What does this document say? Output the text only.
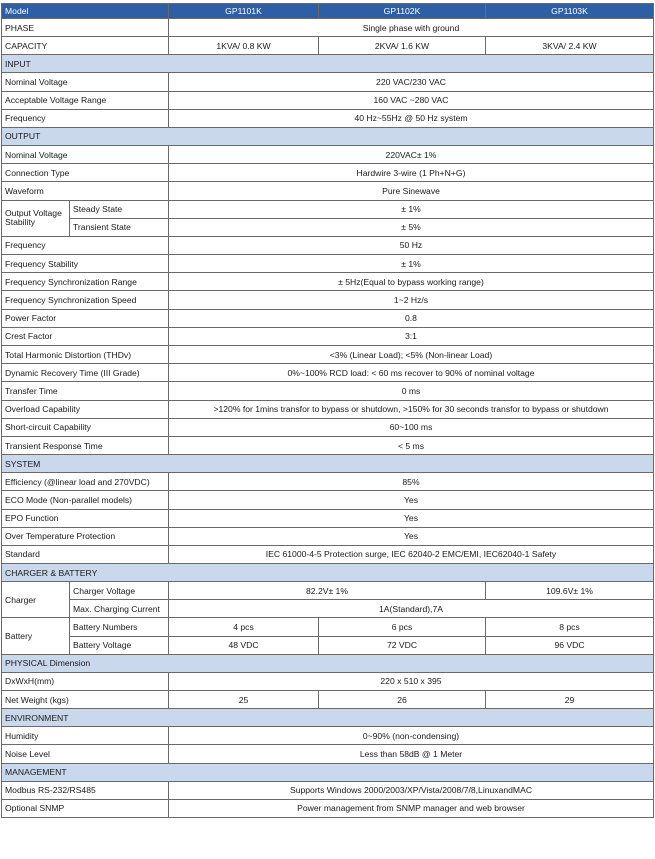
Model		GP1101K	GP1102K	GP1103K
PHASE		Single phase with ground		
CAPACITY		1KVA/ 0.8 KW	2KVA/ 1.6 KW	3KVA/ 2.4 KW
INPUT				
Nominal Voltage		220 VAC/230 VAC		
Acceptable Voltage Range		160 VAC ~280 VAC		
Frequency		40 Hz~55Hz @ 50 Hz system		
OUTPUT				
Nominal Voltage		220VAC± 1%		
Connection Type		Hardwire 3-wire (1 Ph+N+G)		
Waveform		Pure Sinewave		
Output Voltage Stability	Steady State	± 1%		
	Transient State	± 5%		
Frequency		50 Hz		
Frequency Stability		± 1%		
Frequency Synchronization Range		± 5Hz(Equal to bypass working range)		
Frequency Synchronization Speed		1~2 Hz/s		
Power Factor		0.8		
Crest Factor		3:1		
Total Harmonic Distortion (THDv)		<3% (Linear Load); <5% (Non-linear Load)		
Dynamic Recovery Time (III Grade)		0%~100% RCD load: < 60 ms recover to 90% of nominal voltage		
Transfer Time		0 ms		
Overload Capability		>120% for 1mins transfor to bypass or shutdown, >150% for 30 seconds transfor to bypass or shutdown		
Short-circuit Capability		60~100 ms		
Transient Response Time		< 5 ms		
SYSTEM				
Efficiency (@linear load and 270VDC)		85%		
ECO Mode (Non-parallel models)		Yes		
EPO Function		Yes		
Over Temperature Protection		Yes		
Standard		IEC 61000-4-5 Protection surge, IEC 62040-2 EMC/EMI, IEC62040-1 Safety		
CHARGER & BATTERY				
Charger	Charger Voltage	82.2V± 1%		109.6V± 1%
	Max. Charging Current	1A(Standard),7A		
Battery	Battery Numbers	4 pcs	6 pcs	8 pcs
	Battery Voltage	48 VDC	72 VDC	96 VDC
PHYSICAL Dimension				
DxWxH(mm)		220 x 510 x 395		
Net Weight (kgs)		25	26	29
ENVIRONMENT				
Humidity		0~90% (non-condensing)		
Noise Level		Less than 58dB @ 1 Meter		
MANAGEMENT				
Modbus RS-232/RS485		Supports Windows 2000/2003/XP/Vista/2008/7/8,LinuxandMAC		
Optional SNMP		Power management from SNMP manager and web browser		
